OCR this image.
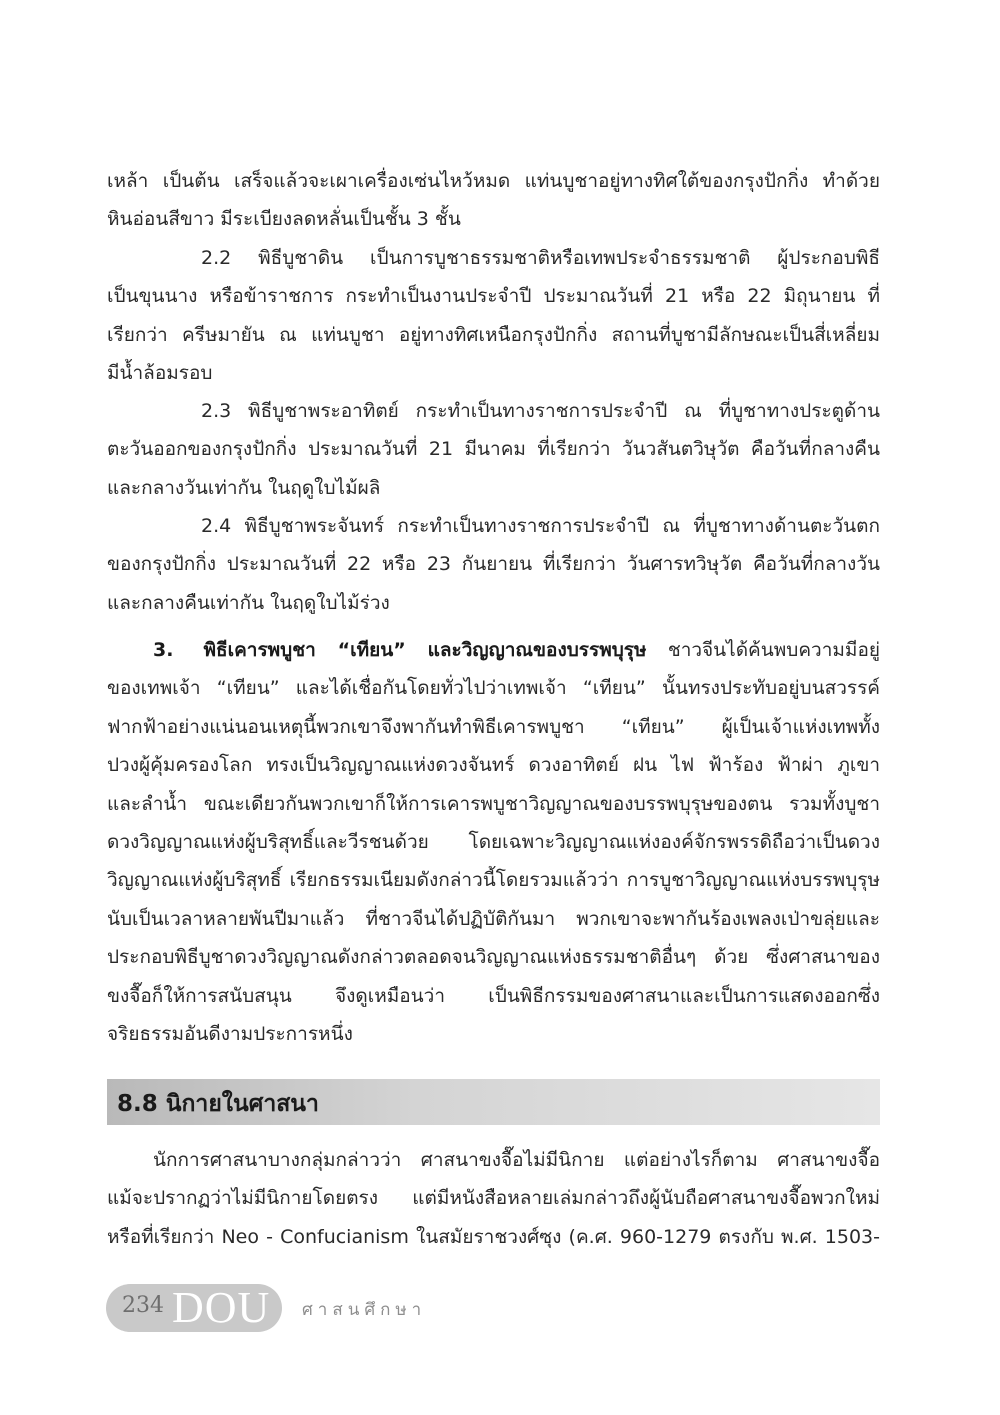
เหล้า เป็นต้น เสร็จแล้วจะเผาเครื่องเซ่นไหว้หมด แท่นบูชาอยู่ทางทิศใต้ของกรุงปักกิ่ง ทำด้วย
หินอ่อนสีขาว มีระเบียงลดหลั่นเป็นชั้น 3 ชั้น
2.2 พิธีบูชาดิน เป็นการบูชาธรรมชาติหรือเทพประจำธรรมชาติ ผู้ประกอบพิธี
เป็นขุนนาง หรือข้าราชการ กระทำเป็นงานประจำปี ประมาณวันที่ 21 หรือ 22 มิถุนายน ที่
เรียกว่า ครีษมายัน ณ แท่นบูชา อยู่ทางทิศเหนือกรุงปักกิ่ง สถานที่บูชามีลักษณะเป็นสี่เหลี่ยม
มีน้ำล้อมรอบ
2.3 พิธีบูชาพระอาทิตย์ กระทำเป็นทางราชการประจำปี ณ ที่บูชาทางประตูด้าน
ตะวันออกของกรุงปักกิ่ง ประมาณวันที่ 21 มีนาคม ที่เรียกว่า วันวสันตวิษุวัต คือวันที่กลางคืน
และกลางวันเท่ากัน ในฤดูใบไม้ผลิ
2.4 พิธีบูชาพระจันทร์ กระทำเป็นทางราชการประจำปี ณ ที่บูชาทางด้านตะวันตก
ของกรุงปักกิ่ง ประมาณวันที่ 22 หรือ 23 กันยายน ที่เรียกว่า วันศารทวิษุวัต คือวันที่กลางวัน
และกลางคืนเท่ากัน ในฤดูใบไม้ร่วง
3. พิธีเคารพบูชา “เทียน” และวิญญาณของบรรพบุรุษ ชาวจีนได้ค้นพบความมีอยู่
ของเทพเจ้า “เทียน” และได้เชื่อกันโดยทั่วไปว่าเทพเจ้า “เทียน” นั้นทรงประทับอยู่บนสวรรค์
ฟากฟ้าอย่างแน่นอนเหตุนี้พวกเขาจึงพากันทำพิธีเคารพบูชา “เทียน” ผู้เป็นเจ้าแห่งเทพทั้ง
ปวงผู้คุ้มครองโลก ทรงเป็นวิญญาณแห่งดวงจันทร์ ดวงอาทิตย์ ฝน ไฟ ฟ้าร้อง ฟ้าผ่า ภูเขา
และลำน้ำ ขณะเดียวกันพวกเขาก็ให้การเคารพบูชาวิญญาณของบรรพบุรุษของตน รวมทั้งบูชา
ดวงวิญญาณแห่งผู้บริสุทธิ์และวีรชนด้วย โดยเฉพาะวิญญาณแห่งองค์จักรพรรดิถือว่าเป็นดวง
วิญญาณแห่งผู้บริสุทธิ์ เรียกธรรมเนียมดังกล่าวนี้โดยรวมแล้วว่า การบูชาวิญญาณแห่งบรรพบุรุษ
นับเป็นเวลาหลายพันปีมาแล้ว ที่ชาวจีนได้ปฏิบัติกันมา พวกเขาจะพากันร้องเพลงเป่าขลุ่ยและ
ประกอบพิธีบูชาดวงวิญญาณดังกล่าวตลอดจนวิญญาณแห่งธรรมชาติอื่นๆ ด้วย ซึ่งศาสนาของ
ขงจื๊อก็ให้การสนับสนุน จึงดูเหมือนว่า เป็นพิธีกรรมของศาสนาและเป็นการแสดงออกซึ่ง
จริยธรรมอันดีงามประการหนึ่ง
8.8 นิกายในศาสนา
นักการศาสนาบางกลุ่มกล่าวว่า ศาสนาขงจื๊อไม่มีนิกาย แต่อย่างไรก็ตาม ศาสนาขงจื๊อ
แม้จะปรากฏว่าไม่มีนิกายโดยตรง แต่มีหนังสือหลายเล่มกล่าวถึงผู้นับถือศาสนาขงจื๊อพวกใหม่
หรือที่เรียกว่า Neo - Confucianism ในสมัยราชวงศ์ซุง (ค.ศ. 960-1279 ตรงกับ พ.ศ. 1503-
234 DOU ศาสนศึกษา
